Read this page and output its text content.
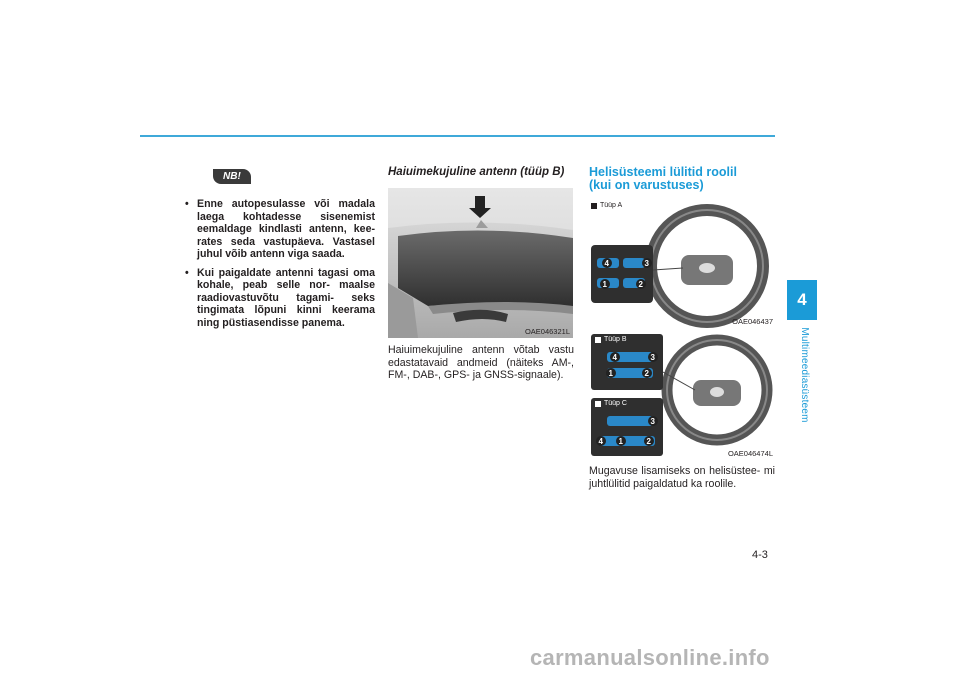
4
Multimeediasüsteem
4-3
NB!
• Enne autopesulasse või madala laega kohtadesse sisenemist eemaldage kindlasti antenn, kee- rates seda vastupäeva. Vastasel juhul võib antenn viga saada.
• Kui paigaldate antenni tagasi oma kohale, peab selle nor- maalse raadiovastuvõtu tagami- seks tingimata lõpuni kinni keerama ning püstiasendisse panema.

Haiuimekujuline antenn (tüüp B)

OAE046321L
Haiuimekujuline antenn võtab vastu edastatavaid andmeid (näiteks AM-, FM-, DAB-, GPS- ja GNSS-signaale).

Helisüsteemi lülitid roolil
(kui on varustuses)

Tüüp A
4	3
1	2
OAE046437
4	3
1	2
3
4 1	2
Tüüp B
Tüüp C
OAE046474L
Mugavuse lisamiseks on helisüstee- mi juhtlülitid paigaldatud ka roolile.
carmanualsonline.info
